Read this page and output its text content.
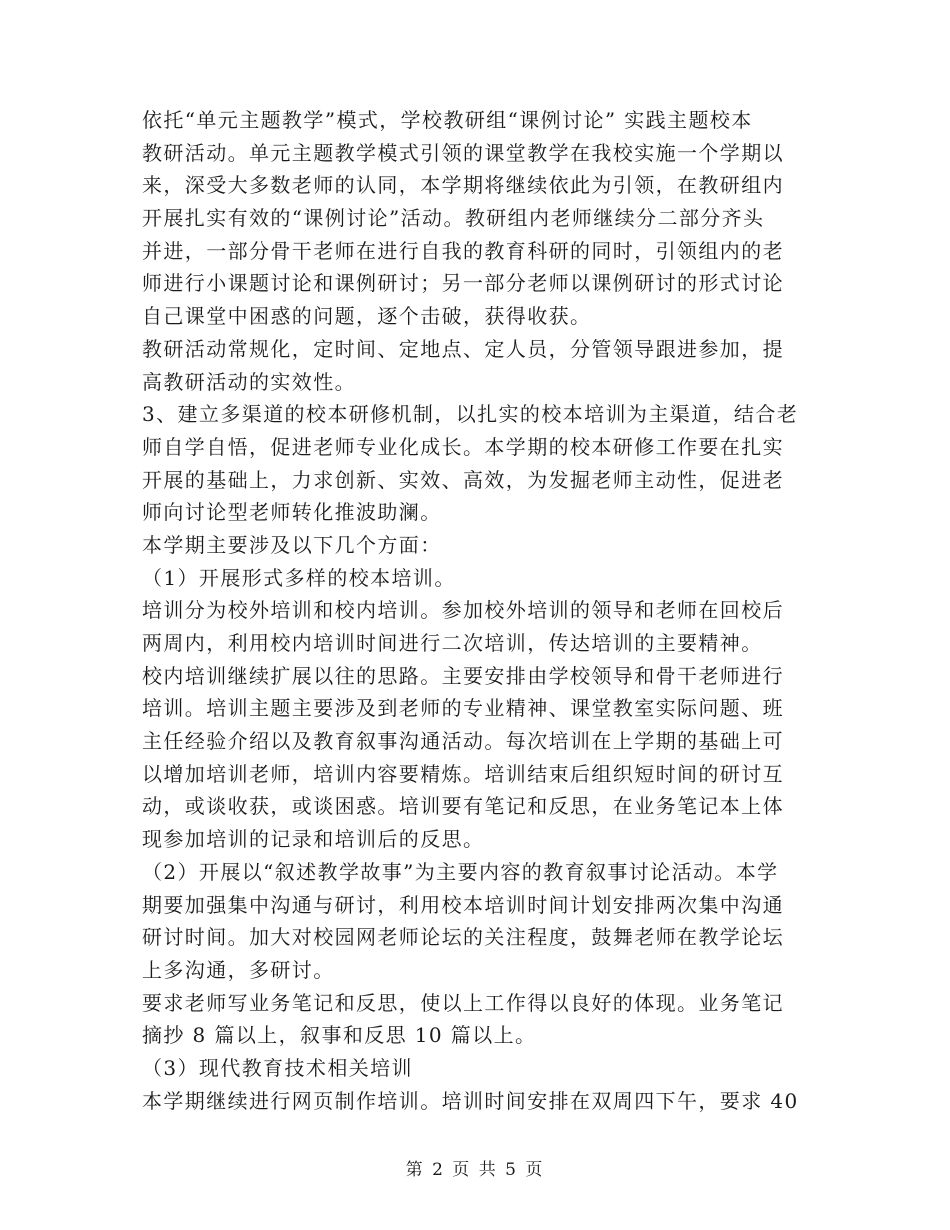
依托“单元主题教学”模式，学校教研组“课例讨论” 实践主题校本
教研活动。单元主题教学模式引领的课堂教学在我校实施一个学期以
来，深受大多数老师的认同，本学期将继续依此为引领，在教研组内
开展扎实有效的“课例讨论”活动。教研组内老师继续分二部分齐头
并进，一部分骨干老师在进行自我的教育科研的同时，引领组内的老
师进行小课题讨论和课例研讨；另一部分老师以课例研讨的形式讨论
自己课堂中困惑的问题，逐个击破，获得收获。
教研活动常规化，定时间、定地点、定人员，分管领导跟进参加，提
高教研活动的实效性。
3、建立多渠道的校本研修机制，以扎实的校本培训为主渠道，结合老
师自学自悟，促进老师专业化成长。本学期的校本研修工作要在扎实
开展的基础上，力求创新、实效、高效，为发掘老师主动性，促进老
师向讨论型老师转化推波助澜。
本学期主要涉及以下几个方面：
（1）开展形式多样的校本培训。
培训分为校外培训和校内培训。参加校外培训的领导和老师在回校后
两周内，利用校内培训时间进行二次培训，传达培训的主要精神。
校内培训继续扩展以往的思路。主要安排由学校领导和骨干老师进行
培训。培训主题主要涉及到老师的专业精神、课堂教室实际问题、班
主任经验介绍以及教育叙事沟通活动。每次培训在上学期的基础上可
以增加培训老师，培训内容要精炼。培训结束后组织短时间的研讨互
动，或谈收获，或谈困惑。培训要有笔记和反思，在业务笔记本上体
现参加培训的记录和培训后的反思。
（2）开展以“叙述教学故事”为主要内容的教育叙事讨论活动。本学
期要加强集中沟通与研讨，利用校本培训时间计划安排两次集中沟通
研讨时间。加大对校园网老师论坛的关注程度，鼓舞老师在教学论坛
上多沟通，多研讨。
要求老师写业务笔记和反思，使以上工作得以良好的体现。业务笔记
摘抄 8 篇以上，叙事和反思 10 篇以上。
（3）现代教育技术相关培训
本学期继续进行网页制作培训。培训时间安排在双周四下午，要求 40
第 2 页 共 5 页
